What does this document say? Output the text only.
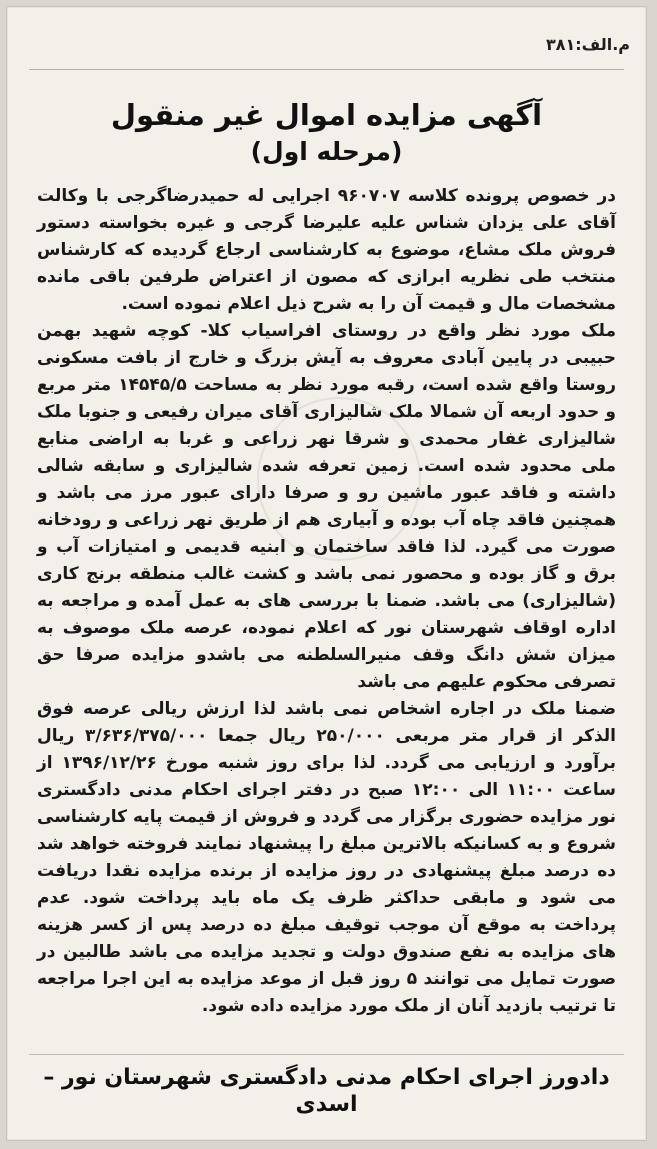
م.الف:۳۸۱
آگهی مزایده اموال غیر منقول
(مرحله اول)

در خصوص پرونده کلاسه ۹۶۰۷۰۷ اجرایی له حمیدرضاگرجی با وکالت آقای علی یزدان شناس علیه علیرضا گرجی و غیره بخواسته دستور فروش ملک مشاع، موضوع به کارشناسی ارجاع گردیده که کارشناس منتخب طی نظریه ابرازی که مصون از اعتراض طرفین باقی مانده مشخصات مال و قیمت آن را به شرح ذیل اعلام نموده است.

ملک مورد نظر واقع در روستای افراسیاب کلا- کوچه شهید بهمن حبیبی در پایین آبادی معروف به آیش بزرگ و خارج از بافت مسکونی روستا واقع شده است، رقبه مورد نظر به مساحت ۱۴۵۴۵/۵ متر مربع و حدود اربعه آن شمالا ملک شالیزاری آقای میران رفیعی و جنوبا ملک شالیزاری غفار محمدی و شرقا نهر زراعی و غربا به اراضی منابع ملی محدود شده است. زمین تعرفه شده شالیزاری و سابقه شالی داشته و فاقد عبور ماشین رو و صرفا دارای عبور مرز می باشد و همچنین فاقد چاه آب بوده و آبیاری هم از طریق نهر زراعی و رودخانه صورت می گیرد. لذا فاقد ساختمان و ابنیه قدیمی و امتیازات آب و برق و گاز بوده و محصور نمی باشد و کشت غالب منطقه برنج کاری (شالیزاری) می باشد. ضمنا با بررسی های به عمل آمده و مراجعه به اداره اوقاف شهرستان نور که اعلام نموده، عرصه ملک موصوف به میزان شش دانگ وقف منیرالسلطنه می باشدو مزایده صرفا حق تصرفی محکوم علیهم می باشد

ضمنا ملک در اجاره اشخاص نمی باشد لذا ارزش ریالی عرصه فوق الذکر از قرار متر مربعی ۲۵۰/۰۰۰ ریال جمعا ۳/۶۳۶/۳۷۵/۰۰۰ ریال برآورد و ارزیابی می گردد. لذا برای روز شنبه مورخ ۱۳۹۶/۱۲/۲۶ از ساعت ۱۱:۰۰ الی ۱۲:۰۰ صبح در دفتر اجرای احکام مدنی دادگستری نور مزایده حضوری برگزار می گردد و فروش از قیمت پایه کارشناسی شروع و به کسانیکه بالاترین مبلغ را پیشنهاد نمایند فروخته خواهد شد ده درصد مبلغ پیشنهادی در روز مزایده از برنده مزایده نقدا دریافت می شود و مابقی حداکثر ظرف یک ماه باید پرداخت شود. عدم پرداخت به موقع آن موجب توقیف مبلغ ده درصد پس از کسر هزینه های مزایده به نفع صندوق دولت و تجدید مزایده می باشد طالبین در صورت تمایل می توانند ۵ روز قبل از موعد مزایده به این اجرا مراجعه تا ترتیب بازدید آنان از ملک مورد مزایده داده شود.

دادورز اجرای احکام مدنی دادگستری شهرستان نور – اسدی
